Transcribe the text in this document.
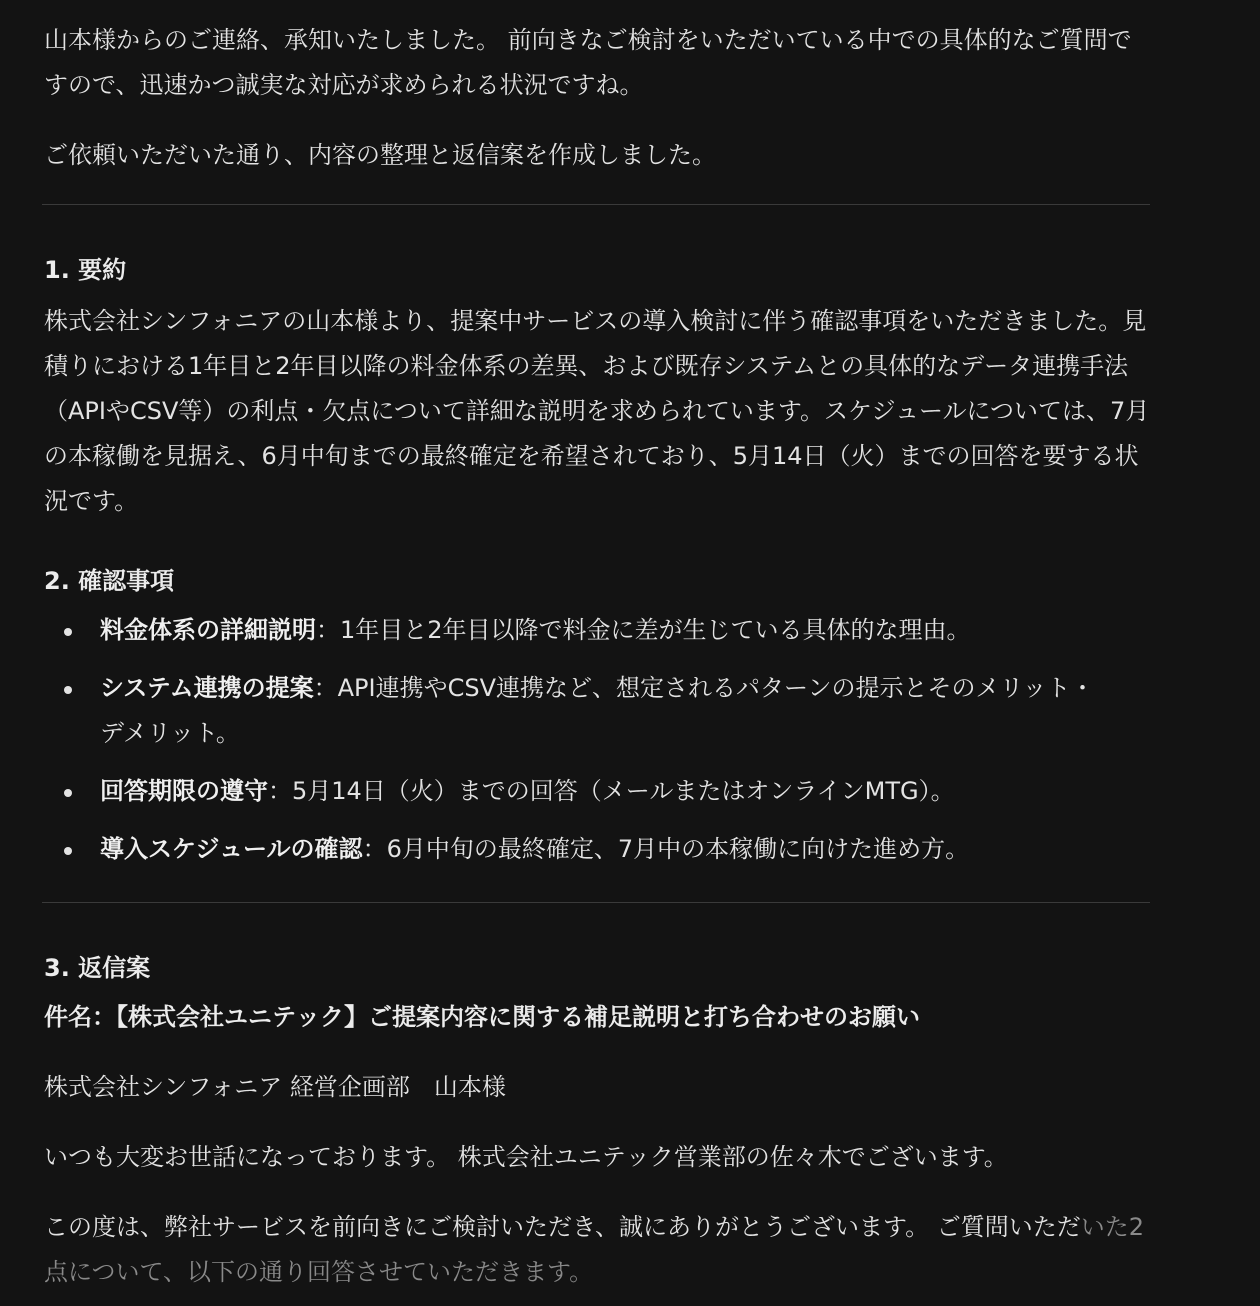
山本様からのご連絡、承知いたしました。 前向きなご検討をいただいている中での具体的なご質問ですので、迅速かつ誠実な対応が求められる状況ですね。

ご依頼いただいた通り、内容の整理と返信案を作成しました。

1. 要約

株式会社シンフォニアの山本様より、提案中サービスの導入検討に伴う確認事項をいただきました。見積りにおける1年目と2年目以降の料金体系の差異、および既存システムとの具体的なデータ連携手法（APIやCSV等）の利点・欠点について詳細な説明を求められています。スケジュールについては、7月の本稼働を見据え、6月中旬までの最終確定を希望されており、5月14日（火）までの回答を要する状況です。

2. 確認事項
料金体系の詳細説明：1年目と2年目以降で料金に差が生じている具体的な理由。
システム連携の提案：API連携やCSV連携など、想定されるパターンの提示とそのメリット・デメリット。
回答期限の遵守：5月14日（火）までの回答（メールまたはオンラインMTG）。
導入スケジュールの確認：6月中旬の最終確定、7月中の本稼働に向けた進め方。
3. 返信案

件名：【株式会社ユニテック】ご提案内容に関する補足説明と打ち合わせのお願い

株式会社シンフォニア 経営企画部　山本様

いつも大変お世話になっております。 株式会社ユニテック営業部の佐々木でございます。

この度は、弊社サービスを前向きにご検討いただき、誠にありがとうございます。 ご質問いただいた2点について、以下の通り回答させていただきます。
